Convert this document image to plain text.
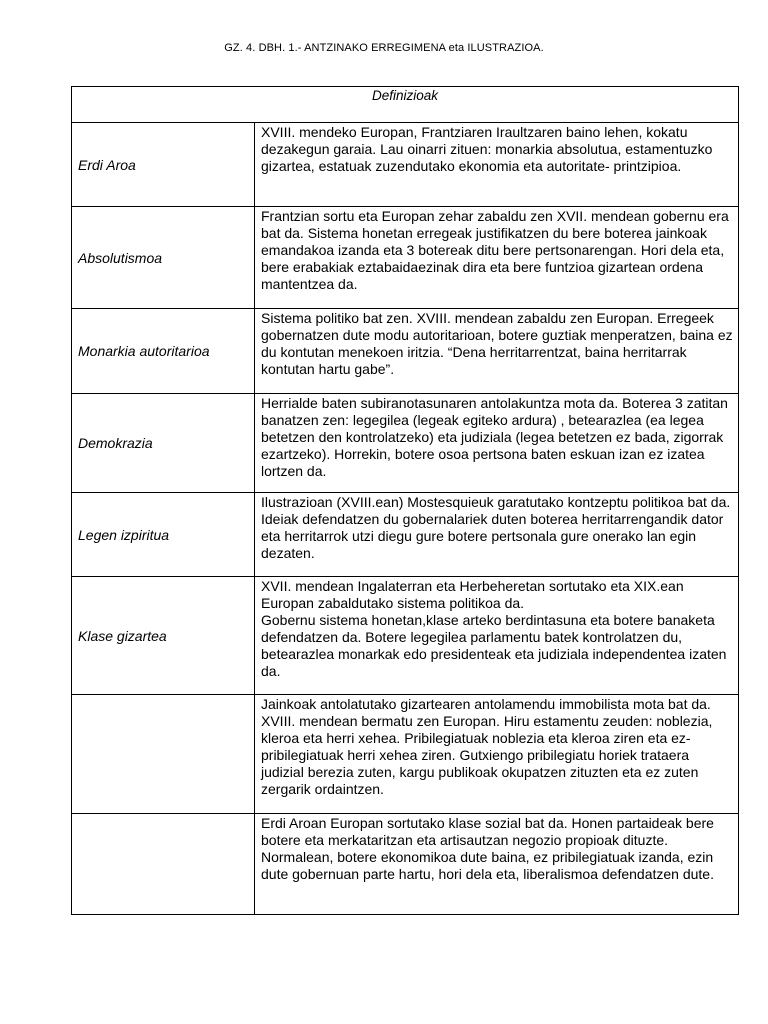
GZ. 4. DBH. 1.- ANTZINAKO ERREGIMENA eta ILUSTRAZIOA.
Definizioak	
Erdi Aroa	XVIII. mendeko Europan, Frantziaren Iraultzaren baino lehen, kokatu dezakegun garaia. Lau oinarri zituen: monarkia absolutua, estamentuzko gizartea, estatuak zuzendutako ekonomia eta autoritate- printzipioa.
Absolutismoa	Frantzian sortu eta Europan zehar zabaldu zen XVII. mendean gobernu era bat da. Sistema honetan erregeak justifikatzen du bere boterea jainkoak emandakoa izanda eta 3 botereak ditu bere pertsonarengan. Hori dela eta, bere erabakiak eztabaidaezinak dira eta bere funtzioa gizartean ordena mantentzea da.
Monarkia autoritarioa	Sistema politiko bat zen. XVIII. mendean zabaldu zen Europan. Erregeek gobernatzen dute modu autoritarioan, botere guztiak menperatzen, baina ez du kontutan menekoen iritzia. “Dena herritarrentzat, baina herritarrak kontutan hartu gabe”.
Demokrazia	Herrialde baten subiranotasunaren antolakuntza mota da. Boterea 3 zatitan banatzen zen: legegilea (legeak egiteko ardura) , betearazlea (ea legea betetzen den kontrolatzeko) eta judiziala (legea betetzen ez bada, zigorrak ezartzeko). Horrekin, botere osoa pertsona baten eskuan izan ez izatea lortzen da.
Legen izpiritua	Ilustrazioan (XVIII.ean) Mostesquieuk garatutako kontzeptu politikoa bat da. Ideiak defendatzen du gobernalariek duten boterea herritarrengandik dator eta herritarrok utzi diegu gure botere pertsonala gure onerako lan egin dezaten.
Klase gizartea	XVII. mendean Ingalaterran eta Herbeheretan sortutako eta XIX.ean Europan zabaldutako sistema politikoa da.
Gobernu sistema honetan,klase arteko berdintasuna eta botere banaketa defendatzen da. Botere legegilea parlamentu batek kontrolatzen du, betearazlea monarkak edo presidenteak eta judiziala independentea izaten da.
	Jainkoak antolatutako gizartearen antolamendu immobilista mota bat da. XVIII. mendean bermatu zen Europan. Hiru estamentu zeuden: noblezia, kleroa eta herri xehea. Pribilegiatuak noblezia eta kleroa ziren eta ez-pribilegiatuak herri xehea ziren. Gutxiengo pribilegiatu horiek trataera judizial berezia zuten, kargu publikoak okupatzen zituzten eta ez zuten zergarik ordaintzen.
	Erdi Aroan Europan sortutako klase sozial bat da. Honen partaideak bere botere eta merkataritzan eta artisautzan negozio propioak dituzte. Normalean, botere ekonomikoa dute baina, ez pribilegiatuak izanda, ezin dute gobernuan parte hartu, hori dela eta, liberalismoa defendatzen dute.
